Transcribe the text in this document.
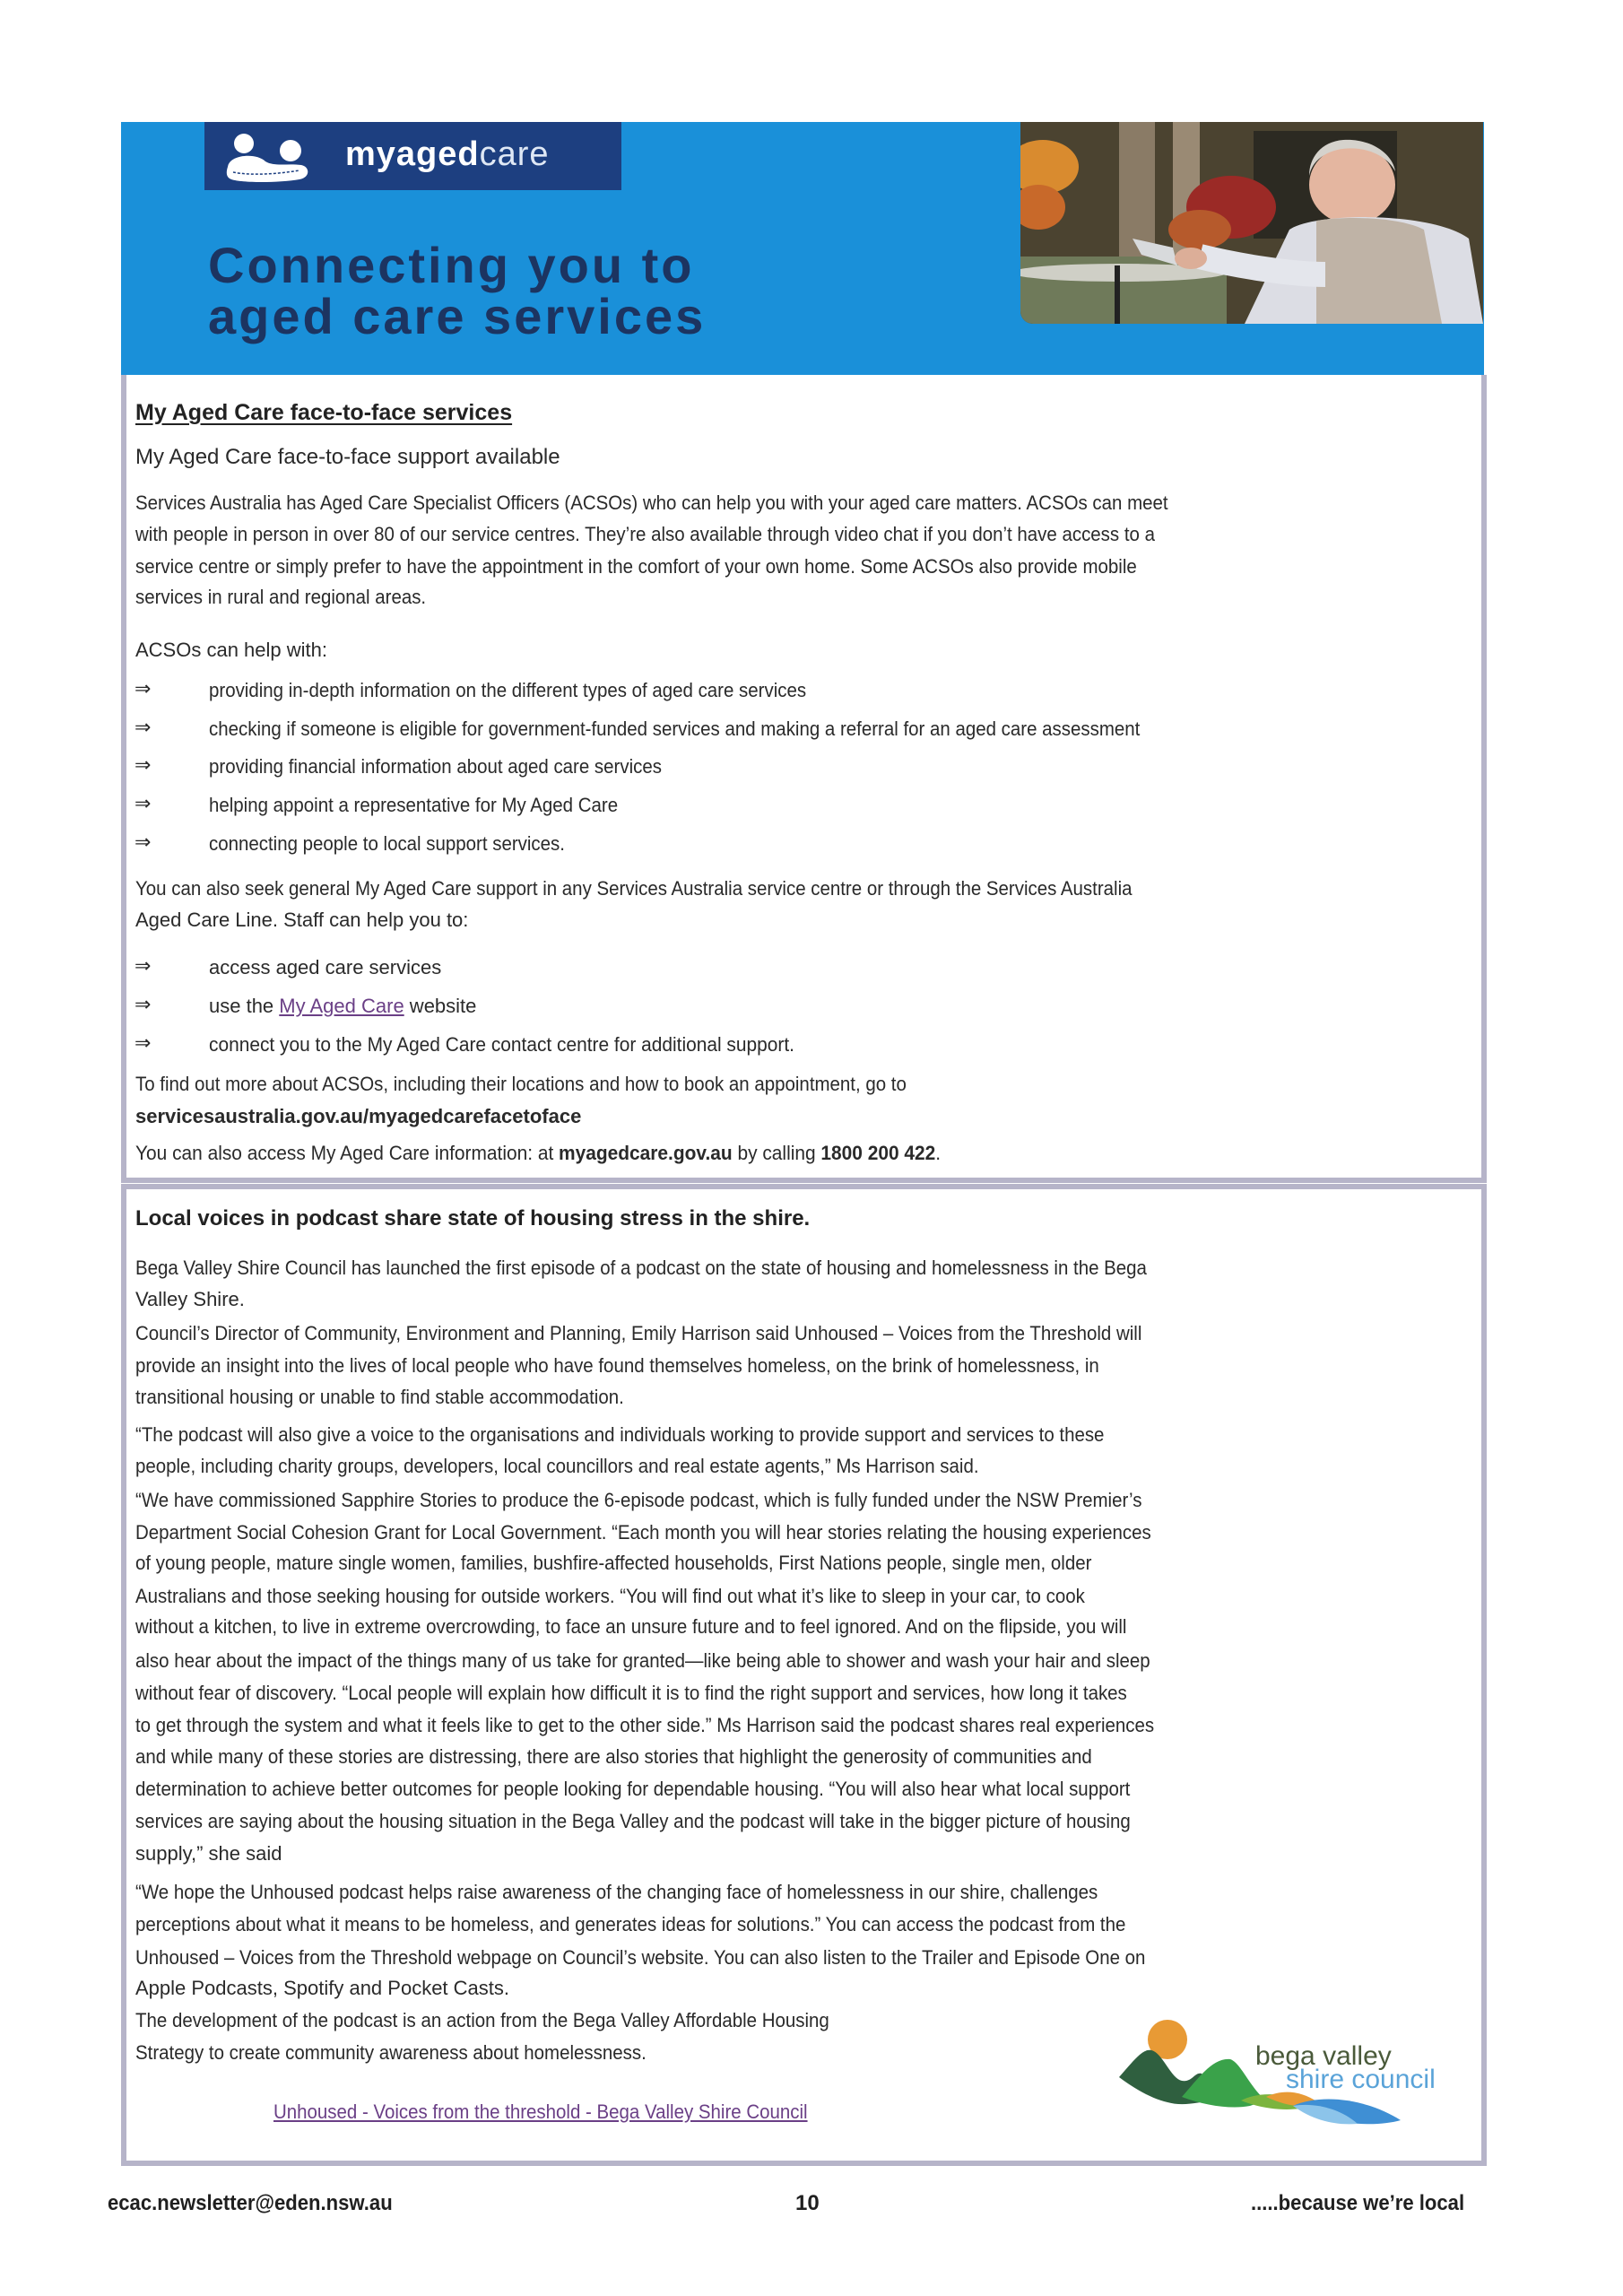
myagedcare
Connecting you to
aged care services
My Aged Care face-to-face services
My Aged Care face-to-face support available
Services Australia has Aged Care Specialist Officers (ACSOs) who can help you with your aged care matters. ACSOs can meet
with people in person in over 80 of our service centres. They’re also available through video chat if you don’t have access to a
service centre or simply prefer to have the appointment in the comfort of your own home. Some ACSOs also provide mobile
services in rural and regional areas.
ACSOs can help with:
⇒	providing in-depth information on the different types of aged care services
⇒	checking if someone is eligible for government-funded services and making a referral for an aged care assessment
⇒	providing financial information about aged care services
⇒	helping appoint a representative for My Aged Care
⇒	connecting people to local support services.
You can also seek general My Aged Care support in any Services Australia service centre or through the Services Australia
Aged Care Line. Staff can help you to:
⇒	access aged care services
⇒	use the My Aged Care website
⇒	connect you to the My Aged Care contact centre for additional support.
To find out more about ACSOs, including their locations and how to book an appointment, go to
servicesaustralia.gov.au/myagedcarefacetoface
You can also access My Aged Care information: at myagedcare.gov.au by calling 1800 200 422.
Local voices in podcast share state of housing stress in the shire.
Bega Valley Shire Council has launched the first episode of a podcast on the state of housing and homelessness in the Bega
Valley Shire.
Council’s Director of Community, Environment and Planning, Emily Harrison said Unhoused – Voices from the Threshold will
provide an insight into the lives of local people who have found themselves homeless, on the brink of homelessness, in
transitional housing or unable to find stable accommodation.
“The podcast will also give a voice to the organisations and individuals working to provide support and services to these
people, including charity groups, developers, local councillors and real estate agents,” Ms Harrison said.
“We have commissioned Sapphire Stories to produce the 6-episode podcast, which is fully funded under the NSW Premier’s
Department Social Cohesion Grant for Local Government. “Each month you will hear stories relating the housing experiences
of young people, mature single women, families, bushfire-affected households, First Nations people, single men, older
Australians and those seeking housing for outside workers. “You will find out what it’s like to sleep in your car, to cook
without a kitchen, to live in extreme overcrowding, to face an unsure future and to feel ignored. And on the flipside, you will
also hear about the impact of the things many of us take for granted—like being able to shower and wash your hair and sleep
without fear of discovery. “Local people will explain how difficult it is to find the right support and services, how long it takes
to get through the system and what it feels like to get to the other side.” Ms Harrison said the podcast shares real experiences
and while many of these stories are distressing, there are also stories that highlight the generosity of communities and
determination to achieve better outcomes for people looking for dependable housing. “You will also hear what local support
services are saying about the housing situation in the Bega Valley and the podcast will take in the bigger picture of housing
supply,” she said
“We hope the Unhoused podcast helps raise awareness of the changing face of homelessness in our shire, challenges
perceptions about what it means to be homeless, and generates ideas for solutions.” You can access the podcast from the
Unhoused – Voices from the Threshold webpage on Council’s website. You can also listen to the Trailer and Episode One on
Apple Podcasts, Spotify and Pocket Casts.
The development of the podcast is an action from the Bega Valley Affordable Housing
Strategy to create community awareness about homelessness.
Unhoused - Voices from the threshold - Bega Valley Shire Council
bega valley
shire council
ecac.newsletter@eden.nsw.au	10	.....because we’re local
